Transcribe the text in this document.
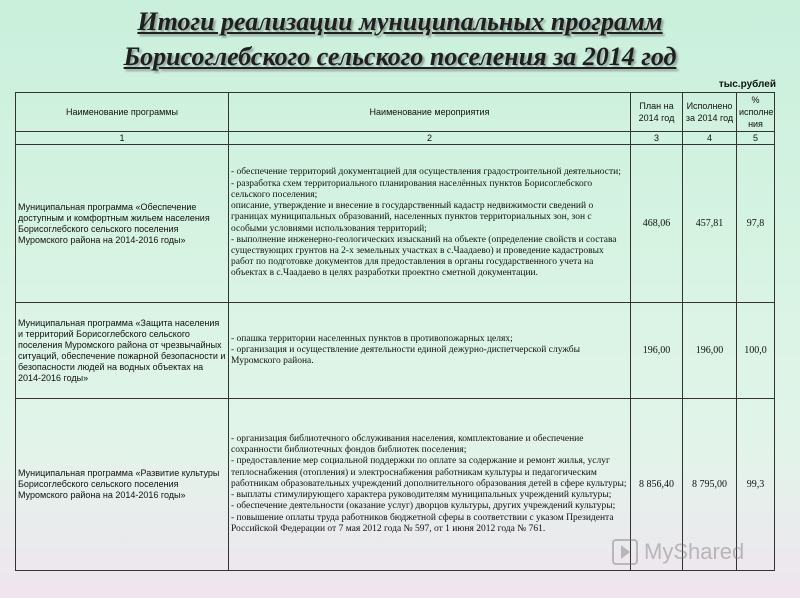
Итоги реализации муниципальных программ
Борисоглебского сельского поселения за 2014 год
тыс.рублей
Наименование программы	Наименование мероприятия	План на 2014 год	Исполнено за 2014 год	% исполне ния
1	2	3	4	5
Муниципальная программа «Обеспечение доступным и комфортным жильем населения Борисоглебского сельского поселения Муромского района на 2014-2016 годы»	- обеспечение территорий документацией для осуществления градостроительной деятельности;
- разработка схем территориального планирования населённых пунктов Борисоглебского сельского поселения;
описание, утверждение и внесение в государственный кадастр недвижимости сведений о границах муниципальных образований, населенных пунктов территориальных зон, зон с особыми условиями использования территорий;
- выполнение инженерно-геологических изысканий на объекте (определение свойств и состава существующих грунтов на 2-х земельных участках в с.Чаадаево) и проведение кадастровых работ по подготовке документов для предоставления в органы государственного учета на объектах в с.Чаадаево в целях разработки проектно сметной документации.	468,06	457,81	97,8
Муниципальная программа «Защита населения и территорий Борисоглебского сельского поселения Муромского района от чрезвычайных ситуаций, обеспечение пожарной безопасности и безопасности людей на водных объектах на 2014-2016 годы»	- опашка территории населенных пунктов в противопожарных целях;
- организация и осуществление деятельности единой дежурно-диспетчерской службы Муромского района.	196,00	196,00	100,0
Муниципальная программа «Развитие культуры Борисоглебского сельского поселения Муромского района на 2014-2016 годы»	- организация библиотечного обслуживания населения, комплектование и обеспечение сохранности библиотечных фондов библиотек поселения;
- предоставление мер социальной поддержки по оплате за содержание и ремонт жилья, услуг теплоснабжения (отопления) и электроснабжения работникам культуры и педагогическим работникам образовательных учреждений дополнительного образования детей в сфере культуры;
- выплаты стимулирующего характера руководителям муниципальных учреждений культуры;
- обеспечение деятельности (оказание услуг) дворцов культуры, других учреждений культуры;
- повышение оплаты труда работников бюджетной сферы в соответствии с указом Президента Российской Федерации от 7 мая 2012 года № 597, от 1 июня 2012 года № 761.	8 856,40	8 795,00	99,3
MyShared
